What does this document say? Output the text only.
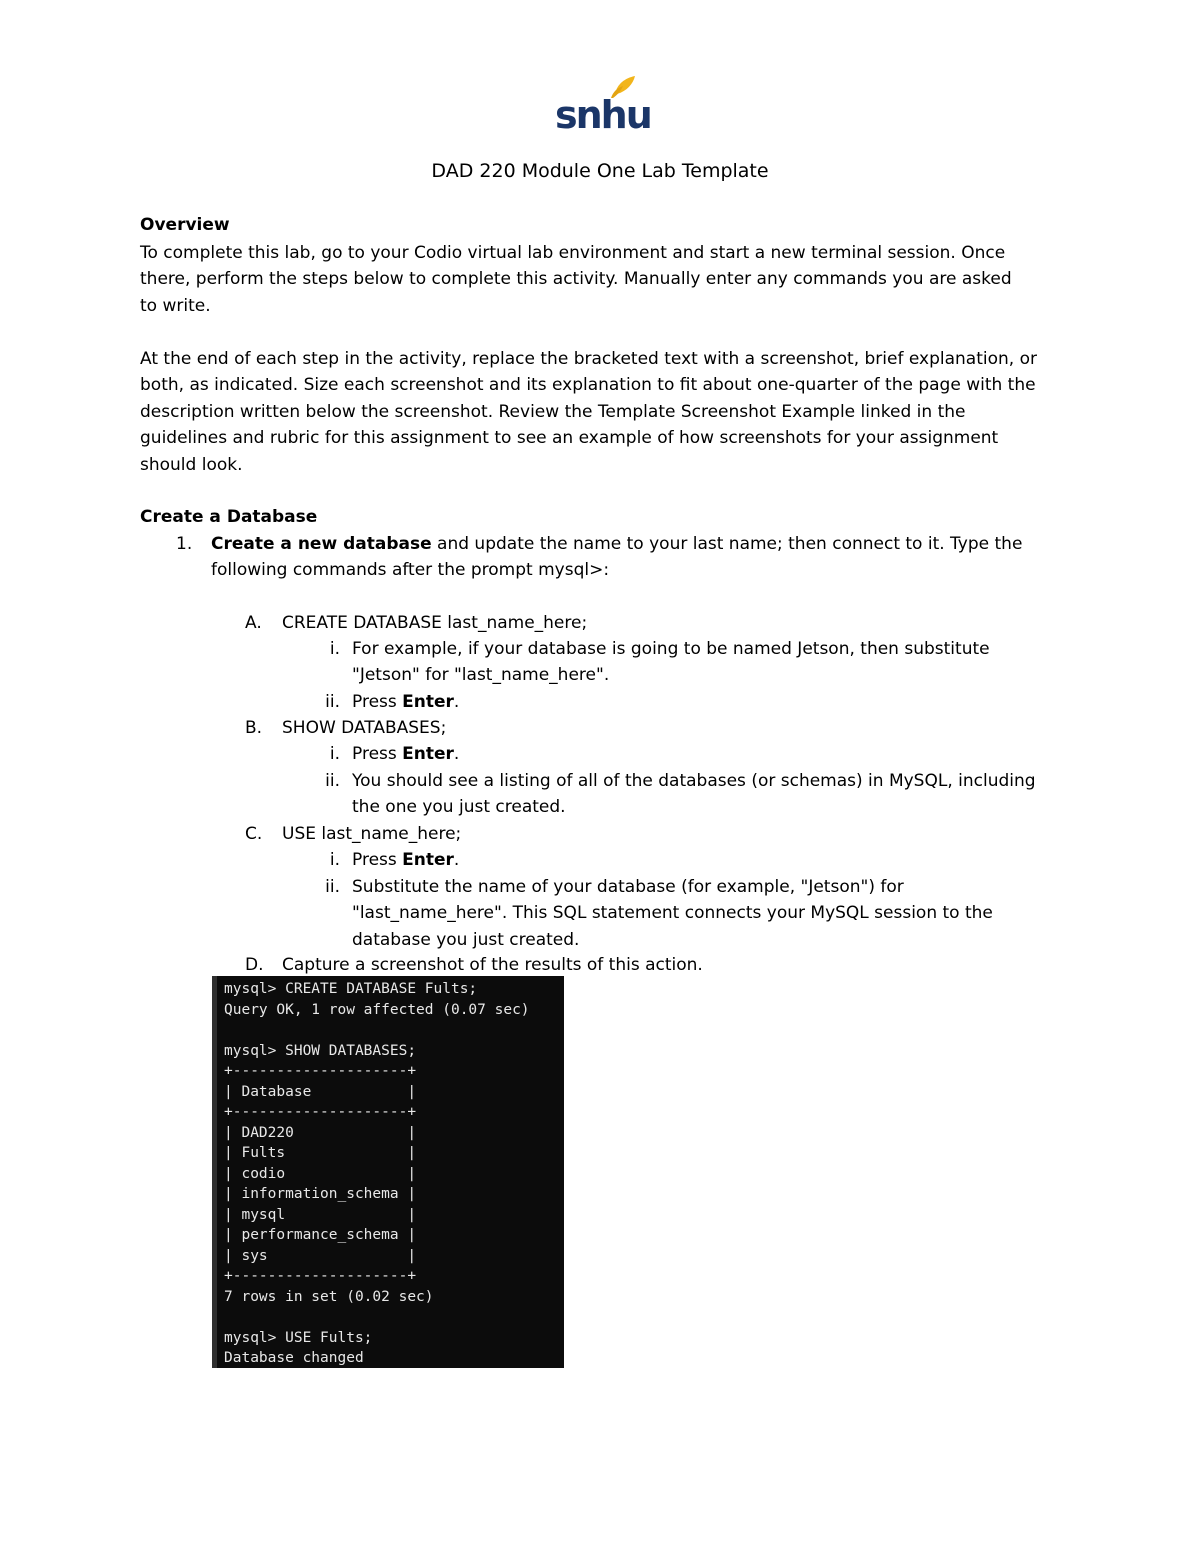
snhu
DAD 220 Module One Lab Template
Overview
To complete this lab, go to your Codio virtual lab environment and start a new terminal session. Once
there, perform the steps below to complete this activity. Manually enter any commands you are asked
to write.
At the end of each step in the activity, replace the bracketed text with a screenshot, brief explanation, or
both, as indicated. Size each screenshot and its explanation to fit about one-quarter of the page with the
description written below the screenshot. Review the Template Screenshot Example linked in the
guidelines and rubric for this assignment to see an example of how screenshots for your assignment
should look.
Create a Database
1. Create a new database and update the name to your last name; then connect to it. Type the
following commands after the prompt mysql>:
A.	CREATE DATABASE last_name_here;
i. For example, if your database is going to be named Jetson, then substitute
"Jetson" for "last_name_here".
ii. Press Enter.
B.	SHOW DATABASES;
i. Press Enter.
ii. You should see a listing of all of the databases (or schemas) in MySQL, including
the one you just created.
C.	USE last_name_here;
i. Press Enter.
ii. Substitute the name of your database (for example, "Jetson") for
"last_name_here". This SQL statement connects your MySQL session to the
database you just created.
D.	Capture a screenshot of the results of this action.
mysql> CREATE DATABASE Fults;
Query OK, 1 row affected (0.07 sec)
mysql> SHOW DATABASES;
+--------------------+
| Database           |
+--------------------+
| DAD220             |
| Fults              |
| codio              |
| information_schema |
| mysql              |
| performance_schema |
| sys                |
+--------------------+
7 rows in set (0.02 sec)
mysql> USE Fults;
Database changed
